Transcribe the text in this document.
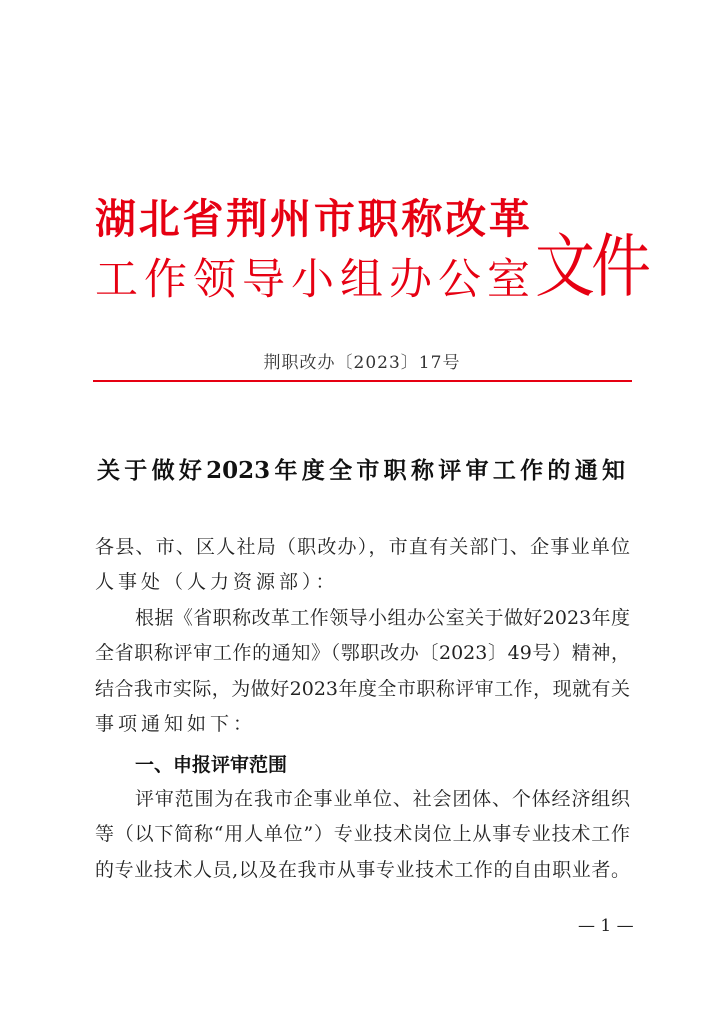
湖 北 省 荆 州 市 职 称 改 革
工 作 领 导 小 组 办 公 室 文件
荆职改办〔2023〕17号
关于做好2023年度全市职称评审工作的通知
各县、市、区人社局（职改办），市直有关部门、企事业单位
人事处（人力资源部）：
根据《省职称改革工作领导小组办公室关于做好2023年度
全省职称评审工作的通知》（鄂职改办〔2023〕49号）精神，
结合我市实际，为做好2023年度全市职称评审工作，现就有关
事项通知如下：
一、申报评审范围
评审范围为在我市企事业单位、社会团体、个体经济组织
等（以下简称“用人单位”）专业技术岗位上从事专业技术工作
的专业技术人员,以及在我市从事专业技术工作的自由职业者。
— 1 —
